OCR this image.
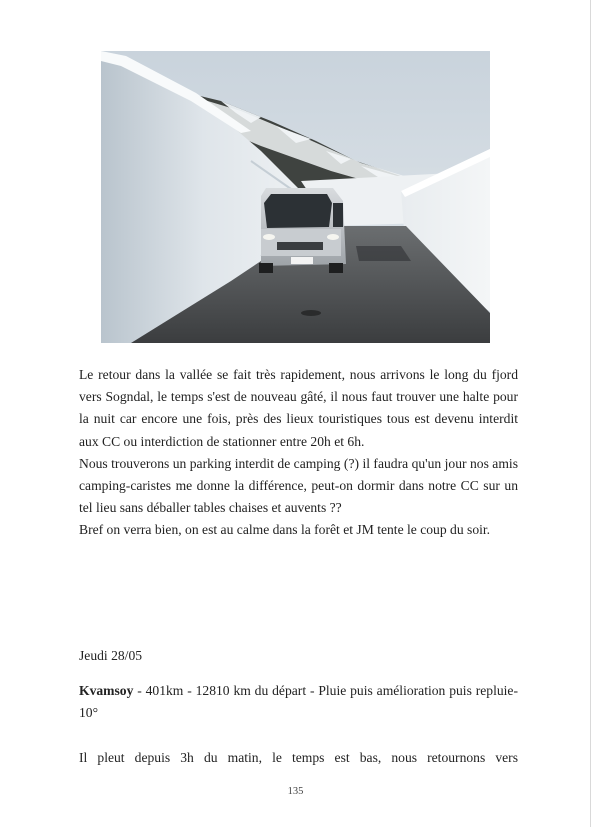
Le retour dans la vallée se fait très rapidement, nous arrivons le long du fjord vers Sogndal, le temps s'est de nouveau gâté, il nous faut trouver une halte pour la nuit car encore une fois, près des lieux touristiques tous est devenu interdit aux CC ou interdiction de stationner entre 20h et 6h.

Nous trouverons un parking interdit de camping (?) il faudra qu'un jour nos amis camping-caristes me donne la différence, peut-on dormir dans notre CC sur un tel lieu sans déballer tables chaises et auvents ??

Bref on verra bien, on est au calme dans la forêt et JM tente le coup du soir.

Jeudi 28/05
Kvamsoy - 401km - 12810 km du départ - Pluie puis amélioration puis repluie- 10°
Il pleut depuis 3h du matin, le temps est bas, nous retournons vers
135
